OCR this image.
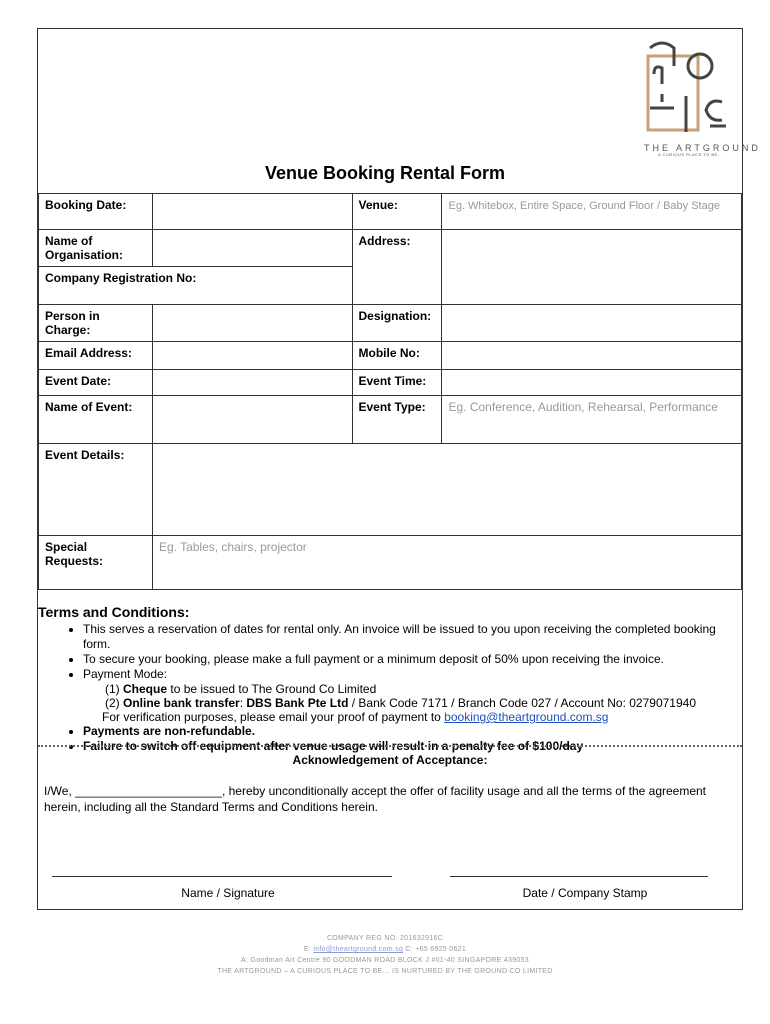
THE ARTGROUND
A CURIOUS PLACE TO BE...
Venue Booking Rental Form
Booking Date:		Venue:	Eg. Whitebox, Entire Space, Ground Floor / Baby Stage
Name of Organisation:		Address:	
Company Registration No:			
Person in Charge:		Designation:	
Email Address:		Mobile No:	
Event Date:		Event Time:	
Name of Event:		Event Type:	Eg. Conference, Audition, Rehearsal, Performance
Event Details:			
Special Requests:	Eg. Tables, chairs, projector		
Terms and Conditions:
• This serves a reservation of dates for rental only. An invoice will be issued to you upon receiving the completed booking form.
• To secure your booking, please make a full payment or a minimum deposit of 50% upon receiving the invoice.
• Payment Mode:
(1) Cheque to be issued to The Ground Co Limited
(2) Online bank transfer: DBS Bank Pte Ltd / Bank Code 7171 / Branch Code 027 / Account No: 0279071940
For verification purposes, please email your proof of payment to booking@theartground.com.sg
• Payments are non-refundable.
• Failure to switch off equipment after venue usage will result in a penalty fee of $100/day
Acknowledgement of Acceptance:
I/We, ______________________, hereby unconditionally accept the offer of facility usage and all the terms of the agreement herein, including all the Standard Terms and Conditions herein.
Name / Signature	Date / Company Stamp
COMPANY REG NO. 201632916C
E: info@theartground.com.sg C: +65 6925 0621
A: Goodman Art Centre 90 GOODMAN ROAD BLOCK J #01-40 SINGAPORE 439053
THE ARTGROUND – A CURIOUS PLACE TO BE… IS NURTURED BY THE GROUND CO LIMITED
